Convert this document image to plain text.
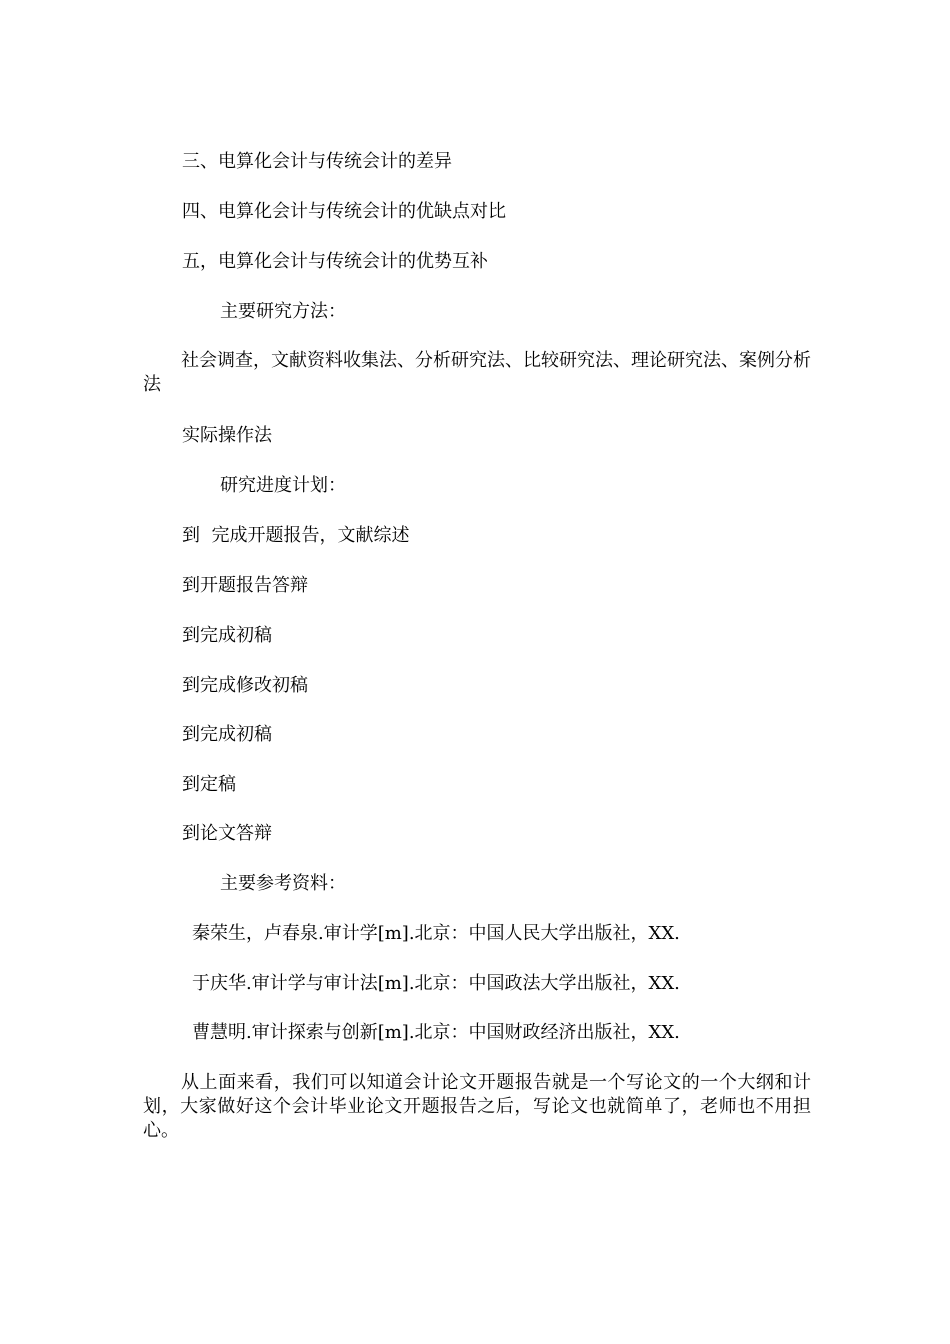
三、电算化会计与传统会计的差异
四、电算化会计与传统会计的优缺点对比
五，电算化会计与传统会计的优势互补
主要研究方法：
社会调查，文献资料收集法、分析研究法、比较研究法、理论研究法、案例分析法
实际操作法
研究进度计划：
到  完成开题报告，文献综述
到开题报告答辩
到完成初稿
到完成修改初稿
到完成初稿
到定稿
到论文答辩
主要参考资料：
秦荣生，卢春泉.审计学[m].北京：中国人民大学出版社，XX.
于庆华.审计学与审计法[m].北京：中国政法大学出版社，XX.
曹慧明.审计探索与创新[m].北京：中国财政经济出版社，XX.
从上面来看，我们可以知道会计论文开题报告就是一个写论文的一个大纲和计划，大家做好这个会计毕业论文开题报告之后，写论文也就简单了，老师也不用担心。
